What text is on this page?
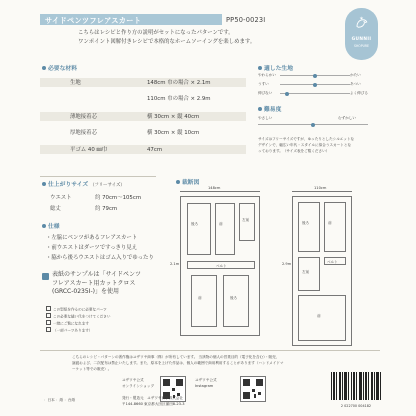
サイドペンツフレアスカート	PP50-0023I
GUNNII
SHOPURE
こちらはレシピと作り方の説明がセットになったパターンです。
ワンポイント図解付きレシピで本格的なホームソーイングを楽しめます。
必要な材料
生地	148cm 巾の場合 × 2.1m
110cm 巾の場合 × 2.9m
薄地接着芯	横 30cm × 縦 40cm
厚地接着芯	横 30cm × 縦 10cm
平ゴム 40 ㎜巾	47cm
適した生地
やわらかい	かたい
うすい	あつい
伸びない	よく伸びる
難易度
やさしい	むずかしい
サイズはフリーサイズですが、ゆったりとしたシルエットな
デザインで、幅広い年代・スタイルに似合うスカートとな
っております。（サイズ表をご覧ください）
仕上がりサイズ （フリーサイズ）
ウエスト	約 70cm〜105cm
総丈	約 79cm
仕様
・左脇にペンツがあるフレアスカート
・前ウエストはダーツですっきり見え
・脇から後ろウエストはゴム入りでゆったり
表紙のサンプルは「サイドペンツ
フレアスカート用カットクロス
(GRCC-0235I-)」を使用
この型紙を作るのに必要なパーツ
この必要な縫い代をつけてください
一緒にご覧になれます
（一部パーツあります）
裁断図
148cm
後ろ	前
左前
ベルト
前	後ろ
2.1m
110cm
後ろ	前
左前
ベルト
前
2.9m
こちらのレシピ・パターンの著作権はユザワヤ商事（株）が所有しています。 当該物の個人の営業目的（電子化を含む）・販売、
譲渡および、二次配布は禁止いたします。また、原本を上げた作品は、個人の範囲で商用利用することがあります（ハンドメイドマ
ーケット等での販売）。
ユザワヤ公式
オンラインショップ
ユザワヤ公式
Instagram
発行・製造元　ユザワヤ商事株式会社
〒144-8660 東京都大田区蒲田8-23-3
：日本 ：紙 ：台紙
2 022700 004182
